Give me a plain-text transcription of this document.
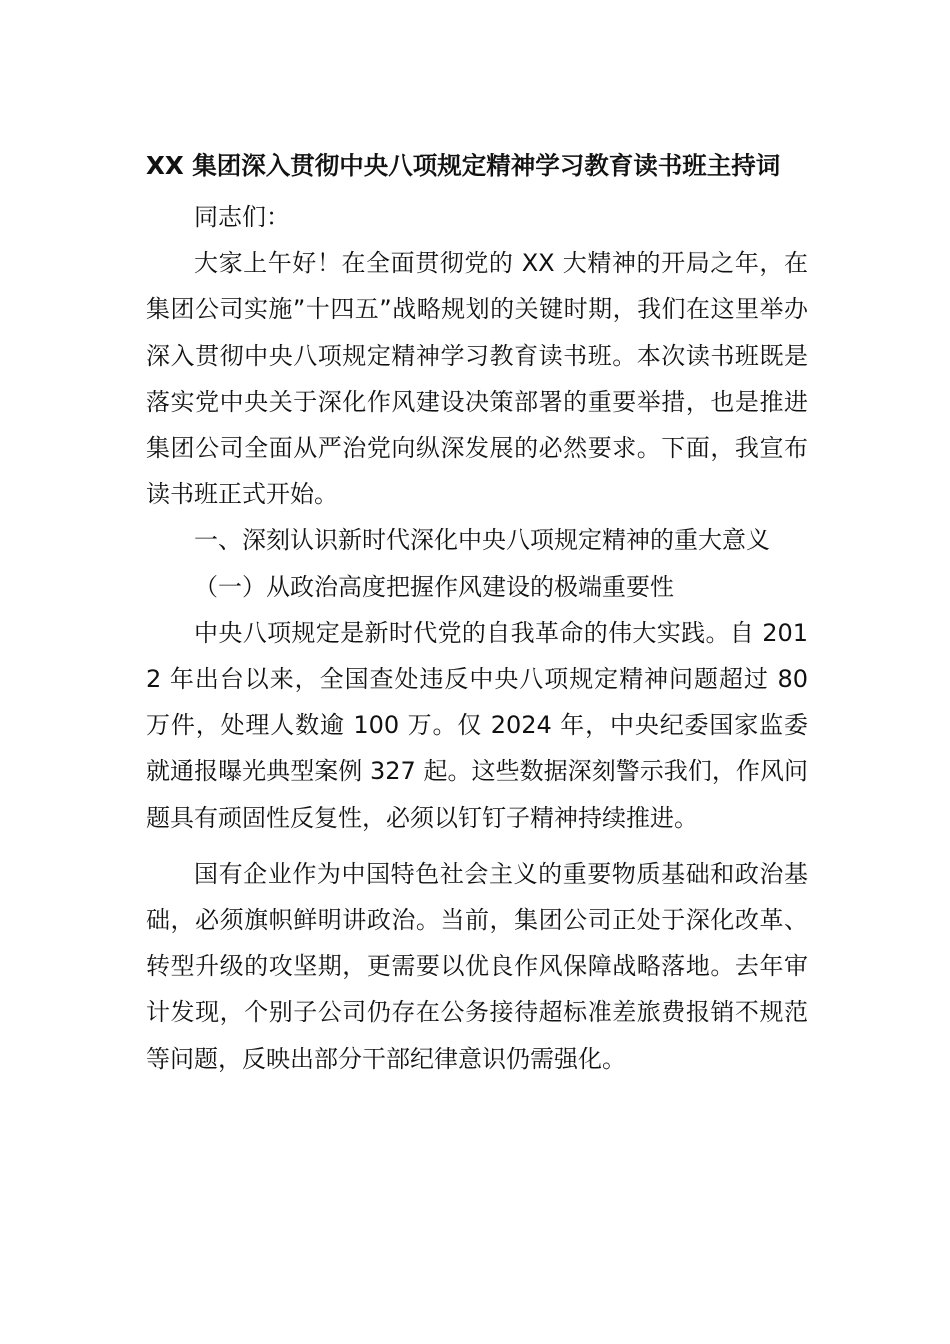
XX 集团深入贯彻中央八项规定精神学习教育读书班主持词

同志们：

大家上午好！在全面贯彻党的 XX 大精神的开局之年，在集团公司实施”十四五”战略规划的关键时期，我们在这里举办深入贯彻中央八项规定精神学习教育读书班。本次读书班既是落实党中央关于深化作风建设决策部署的重要举措，也是推进集团公司全面从严治党向纵深发展的必然要求。下面，我宣布读书班正式开始。

一、深刻认识新时代深化中央八项规定精神的重大意义

（一）从政治高度把握作风建设的极端重要性

中央八项规定是新时代党的自我革命的伟大实践。自 2012 年出台以来，全国查处违反中央八项规定精神问题超过 80 万件，处理人数逾 100 万。仅 2024 年，中央纪委国家监委就通报曝光典型案例 327 起。这些数据深刻警示我们，作风问题具有顽固性反复性，必须以钉钉子精神持续推进。

国有企业作为中国特色社会主义的重要物质基础和政治基础，必须旗帜鲜明讲政治。当前，集团公司正处于深化改革、转型升级的攻坚期，更需要以优良作风保障战略落地。去年审计发现，个别子公司仍存在公务接待超标准差旅费报销不规范等问题，反映出部分干部纪律意识仍需强化。
